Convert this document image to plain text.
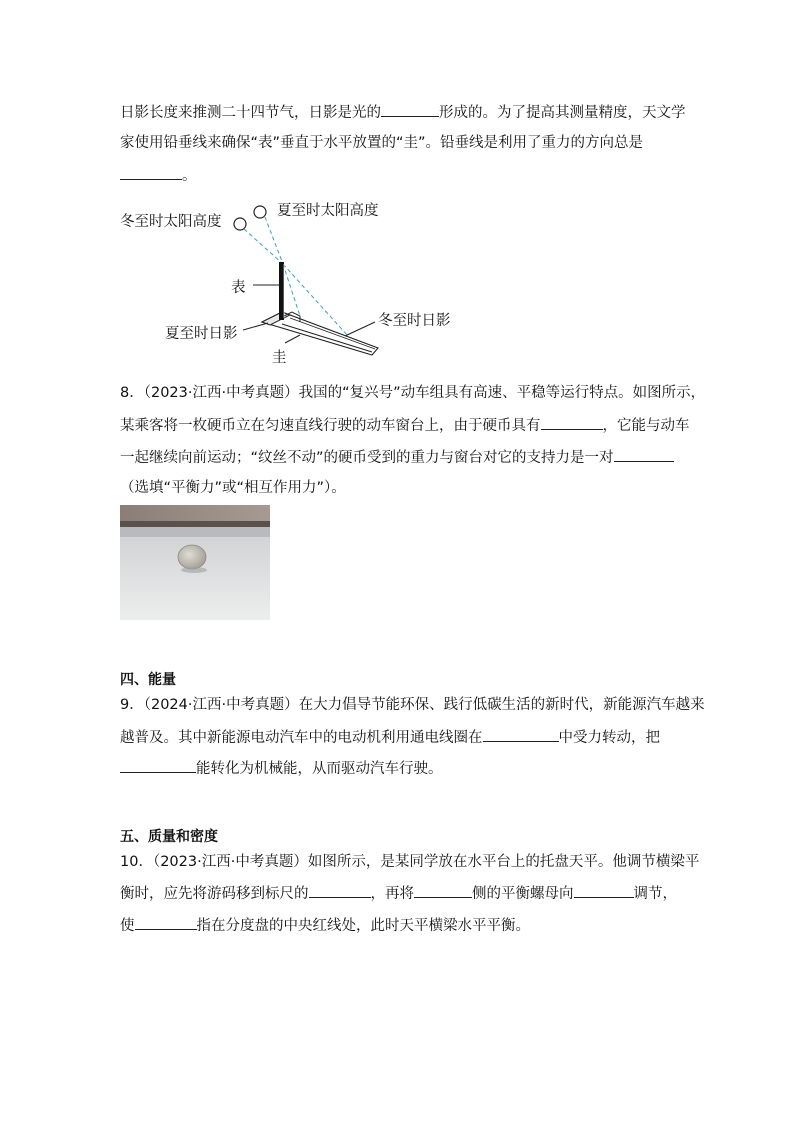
日影长度来推测二十四节气，日影是光的	形成的。为了提高其测量精度，天文学
家使用铅垂线来确保“表”垂直于水平放置的“圭”。铅垂线是利用了重力的方向总是
。
冬至时太阳高度
夏至时太阳高度
表
夏至时日影
冬至时日影
圭
8．（2023·江西·中考真题）我国的“复兴号”动车组具有高速、平稳等运行特点。如图所示，
某乘客将一枚硬币立在匀速直线行驶的动车窗台上，由于硬币具有	，它能与动车
一起继续向前运动；“纹丝不动”的硬币受到的重力与窗台对它的支持力是一对
（选填“平衡力”或“相互作用力”）。
四、能量
9．（2024·江西·中考真题）在大力倡导节能环保、践行低碳生活的新时代，新能源汽车越来
越普及。其中新能源电动汽车中的电动机利用通电线圈在	中受力转动，把
能转化为机械能，从而驱动汽车行驶。
五、质量和密度
10．（2023·江西·中考真题）如图所示，是某同学放在水平台上的托盘天平。他调节横梁平
衡时，应先将游码移到标尺的	，再将	侧的平衡螺母向	调节，
使	指在分度盘的中央红线处，此时天平横梁水平平衡。
